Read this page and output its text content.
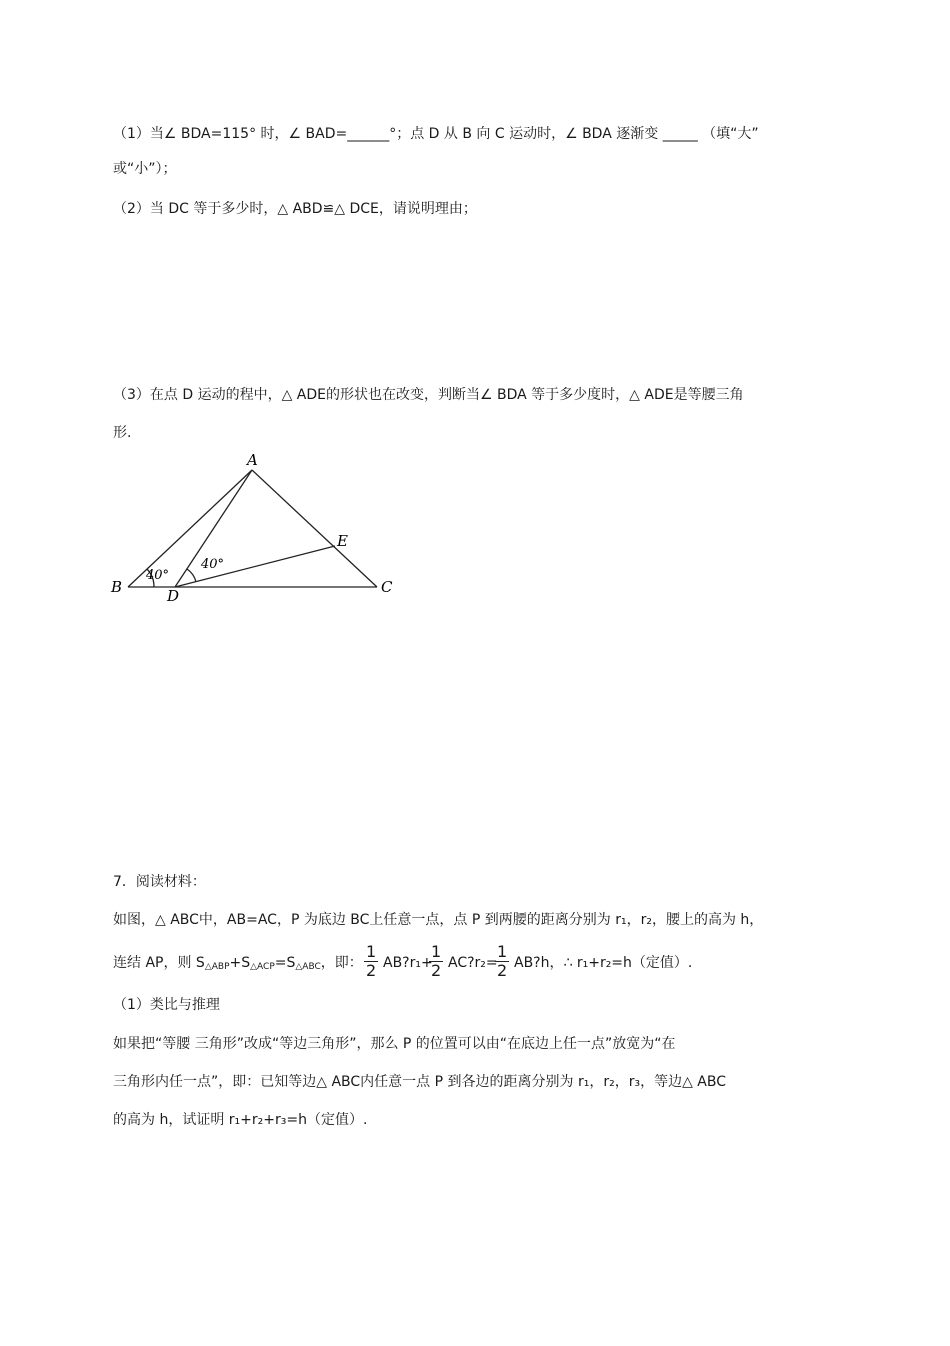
（1）当∠ BDA=115° 时，∠ BAD=______°；点 D 从 B 向 C 运动时，∠ BDA 逐渐变 _____ （填“大”
或“小”）；
（2）当 DC 等于多少时，△ ABD≌△ DCE，请说明理由；
（3）在点 D 运动的程中，△ ADE的形状也在改变，判断当∠ BDA 等于多少度时，△ ADE是等腰三角
形.
A
B	C
D
E
40°
40°
7．阅读材料：
如图，△ ABC中，AB=AC，P 为底边 BC上任意一点，点 P 到两腰的距离分别为 r₁，r₂，腰上的高为 h，
连结 AP，则 $S_{\triangle ABP}+S_{\triangle ACP}=S_{\triangle ABC}$，即： $\frac{1}{2}$ AB?r₁+
$\frac{1}{2}$ AC?r₂=
$\frac{1}{2}$ AB?h，∴ r₁+r₂=h（定值）.
（1）类比与推理
如果把“等腰 三角形”改成“等边三角形”，那么 P 的位置可以由“在底边上任一点”放宽为“在
三角形内任一点”，即：已知等边△ ABC内任意一点 P 到各边的距离分别为 r₁，r₂，r₃，等边△ ABC
的高为 h，试证明 r₁+r₂+r₃=h（定值）.
